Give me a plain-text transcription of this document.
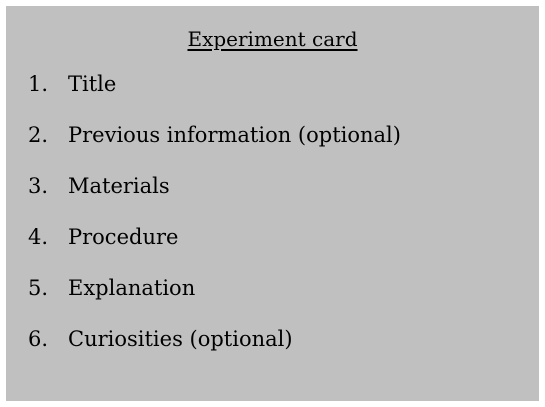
Experiment card
1. Title
2. Previous information (optional)
3. Materials
4. Procedure
5. Explanation
6. Curiosities (optional)
